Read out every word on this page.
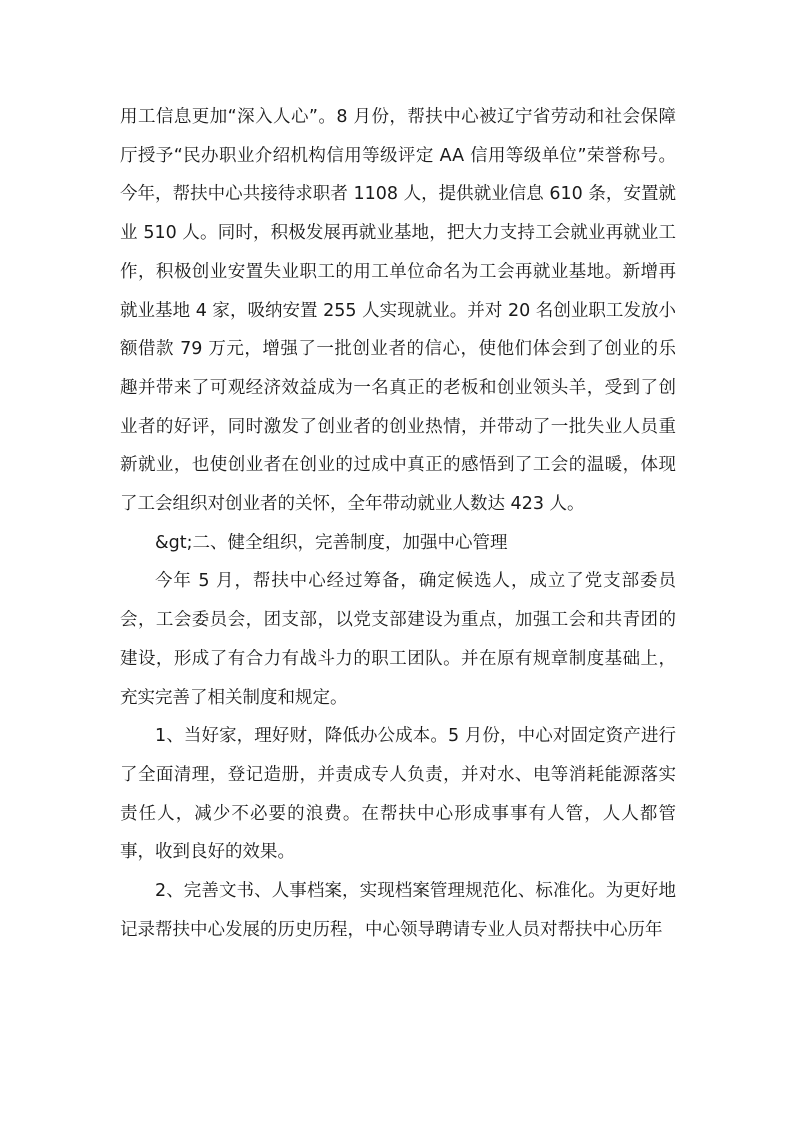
用工信息更加“深入人心”。8 月份，帮扶中心被辽宁省劳动和社会保障厅授予“民办职业介绍机构信用等级评定 AA 信用等级单位”荣誉称号。今年，帮扶中心共接待求职者 1108 人，提供就业信息 610 条，安置就业 510 人。同时，积极发展再就业基地，把大力支持工会就业再就业工作，积极创业安置失业职工的用工单位命名为工会再就业基地。新增再就业基地 4 家，吸纳安置 255 人实现就业。并对 20 名创业职工发放小额借款 79 万元，增强了一批创业者的信心，使他们体会到了创业的乐趣并带来了可观经济效益成为一名真正的老板和创业领头羊，受到了创业者的好评，同时激发了创业者的创业热情，并带动了一批失业人员重新就业，也使创业者在创业的过成中真正的感悟到了工会的温暖，体现了工会组织对创业者的关怀，全年带动就业人数达 423 人。

&gt;二、健全组织，完善制度，加强中心管理

今年 5 月，帮扶中心经过筹备，确定候选人，成立了党支部委员会，工会委员会，团支部，以党支部建设为重点，加强工会和共青团的建设，形成了有合力有战斗力的职工团队。并在原有规章制度基础上，充实完善了相关制度和规定。

1、当好家，理好财，降低办公成本。5 月份，中心对固定资产进行了全面清理，登记造册，并责成专人负责，并对水、电等消耗能源落实责任人，减少不必要的浪费。在帮扶中心形成事事有人管，人人都管事，收到良好的效果。

2、完善文书、人事档案，实现档案管理规范化、标准化。为更好地记录帮扶中心发展的历史历程，中心领导聘请专业人员对帮扶中心历年
